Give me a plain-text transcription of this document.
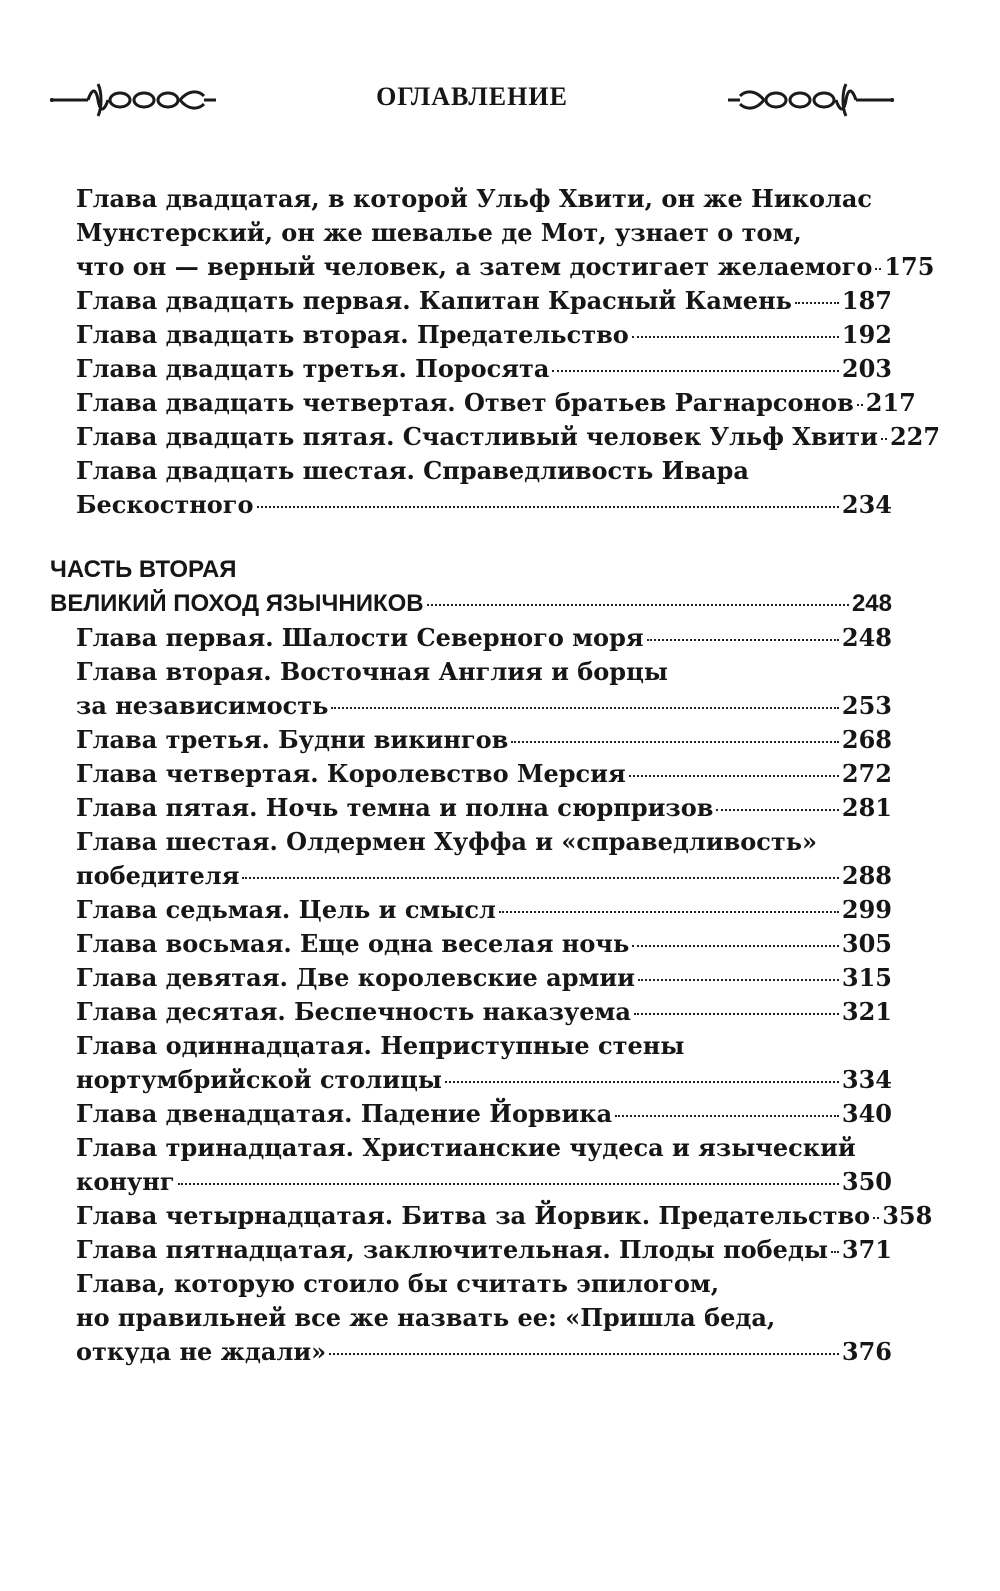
ОГЛАВЛЕНИЕ
Глава двадцатая, в которой Ульф Хвити, он же Николас
Мунстерский, он же шевалье де Мот, узнает о том,
что он — верный человек, а затем достигает желаемого 175
Глава двадцать первая. Капитан Красный Камень 187
Глава двадцать вторая. Предательство	192
Глава двадцать третья. Поросята	203
Глава двадцать четвертая. Ответ братьев Рагнарсонов 217
Глава двадцать пятая. Счастливый человек Ульф Хвити 227
Глава двадцать шестая. Справедливость Ивара
Бескостного	234
ЧАСТЬ ВТОРАЯ
ВЕЛИКИЙ ПОХОД ЯЗЫЧНИКОВ	248
Глава первая. Шалости Северного моря	248
Глава вторая. Восточная Англия и борцы
за независимость	253
Глава третья. Будни викингов	268
Глава четвертая. Королевство Мерсия	272
Глава пятая. Ночь темна и полна сюрпризов	281
Глава шестая. Олдермен Хуффа и «справедливость»
победителя	288
Глава седьмая. Цель и смысл	299
Глава восьмая. Еще одна веселая ночь	305
Глава девятая. Две королевские армии	315
Глава десятая. Беспечность наказуема	321
Глава одиннадцатая. Неприступные стены
нортумбрийской столицы	334
Глава двенадцатая. Падение Йорвика	340
Глава тринадцатая. Христианские чудеса и языческий
конунг	350
Глава четырнадцатая. Битва за Йорвик. Предательство 358
Глава пятнадцатая, заключительная. Плоды победы 371
Глава, которую стоило бы считать эпилогом,
но правильней все же назвать ее: «Пришла беда,
откуда не ждали»	376
